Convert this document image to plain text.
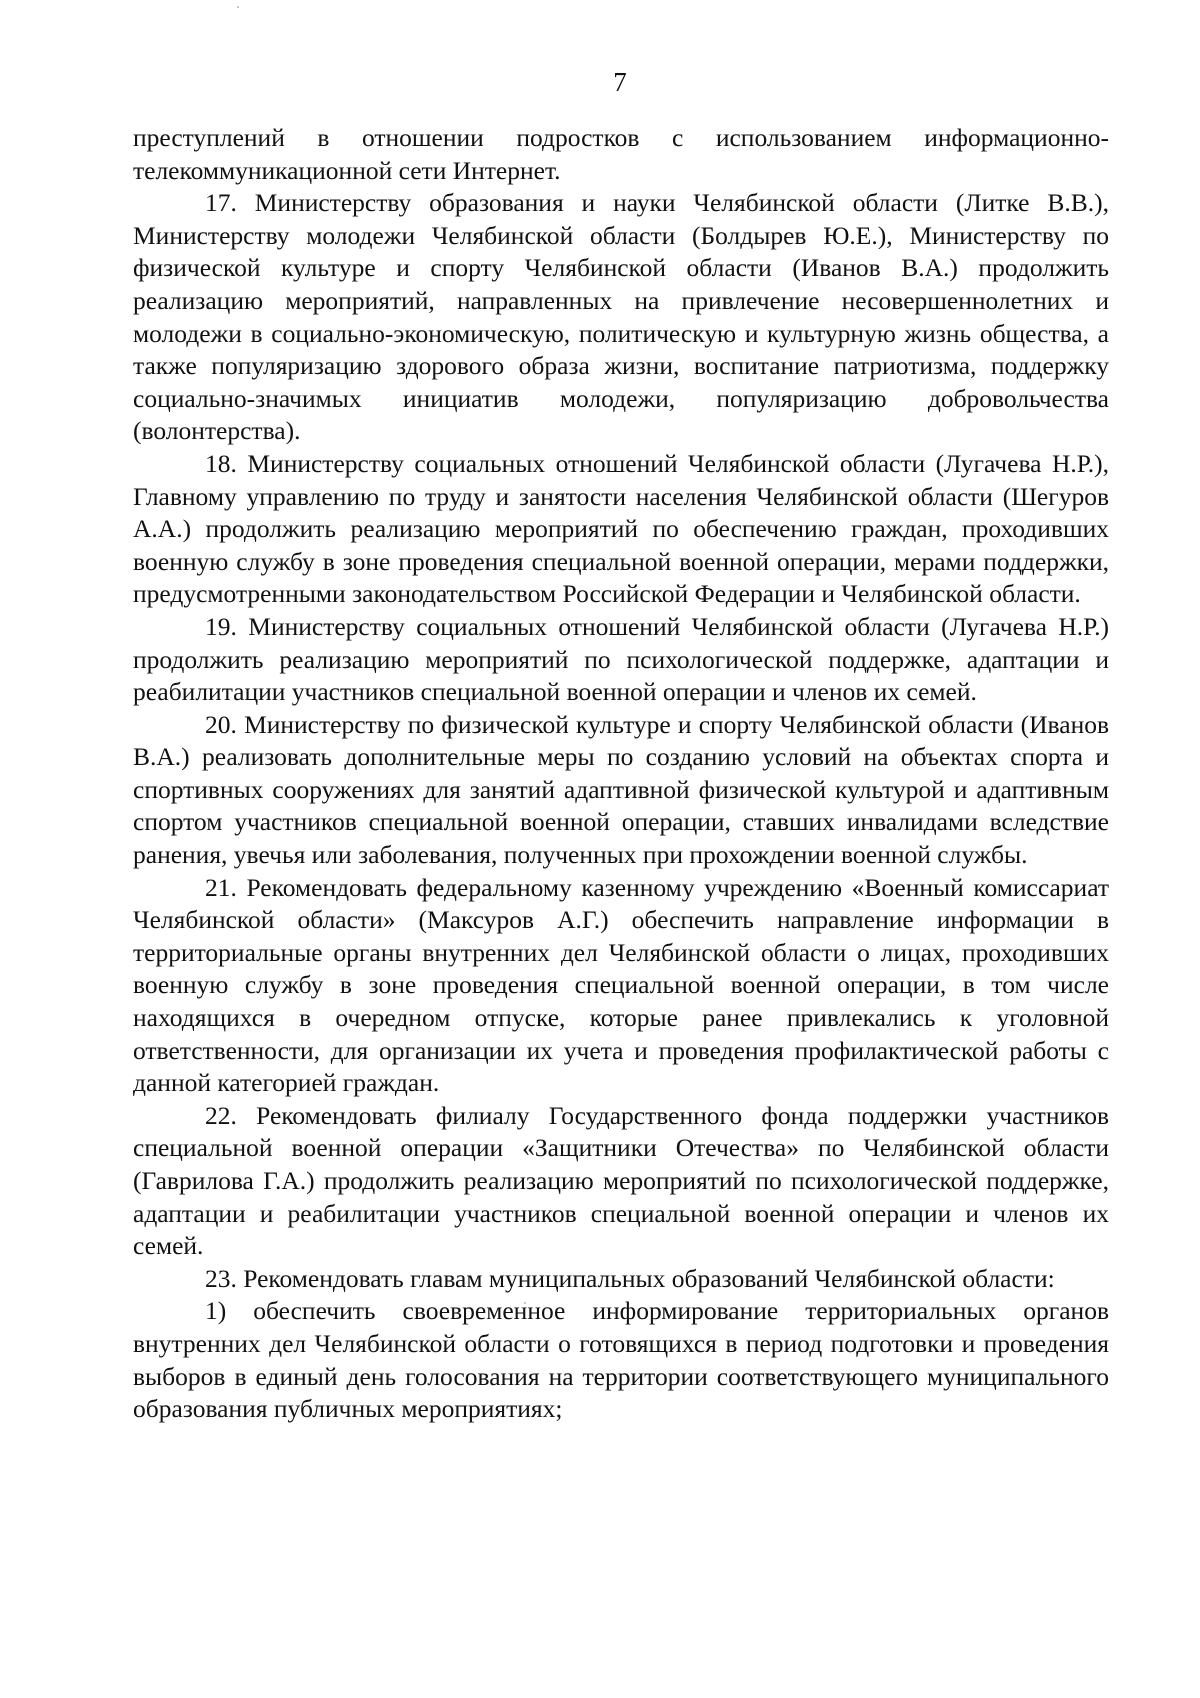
7

преступлений в отношении подростков с использованием информационно-телекоммуникационной сети Интернет.

17. Министерству образования и науки Челябинской области (Литке В.В.), Министерству молодежи Челябинской области (Болдырев Ю.Е.), Министерству по физической культуре и спорту Челябинской области (Иванов В.А.) продолжить реализацию мероприятий, направленных на привлечение несовершеннолетних и молодежи в социально-экономическую, политическую и культурную жизнь общества, а также популяризацию здорового образа жизни, воспитание патриотизма, поддержку социально-значимых инициатив молодежи, популяризацию добровольчества (волонтерства).

18. Министерству социальных отношений Челябинской области (Лугачева Н.Р.), Главному управлению по труду и занятости населения Челябинской области (Шегуров А.А.) продолжить реализацию мероприятий по обеспечению граждан, проходивших военную службу в зоне проведения специальной военной операции, мерами поддержки, предусмотренными законодательством Российской Федерации и Челябинской области.

19. Министерству социальных отношений Челябинской области (Лугачева Н.Р.) продолжить реализацию мероприятий по психологической поддержке, адаптации и реабилитации участников специальной военной операции и членов их семей.

20. Министерству по физической культуре и спорту Челябинской области (Иванов В.А.) реализовать дополнительные меры по созданию условий на объектах спорта и спортивных сооружениях для занятий адаптивной физической культурой и адаптивным спортом участников специальной военной операции, ставших инвалидами вследствие ранения, увечья или заболевания, полученных при прохождении военной службы.

21. Рекомендовать федеральному казенному учреждению «Военный комиссариат Челябинской области» (Максуров А.Г.) обеспечить направление информации в территориальные органы внутренних дел Челябинской области о лицах, проходивших военную службу в зоне проведения специальной военной операции, в том числе находящихся в очередном отпуске, которые ранее привлекались к уголовной ответственности, для организации их учета и проведения профилактической работы с данной категорией граждан.

22. Рекомендовать филиалу Государственного фонда поддержки участников специальной военной операции «Защитники Отечества» по Челябинской области (Гаврилова Г.А.) продолжить реализацию мероприятий по психологической поддержке, адаптации и реабилитации участников специальной военной операции и членов их семей.

23. Рекомендовать главам муниципальных образований Челябинской области:

1) обеспечить своевременное информирование территориальных органов внутренних дел Челябинской области о готовящихся в период подготовки и проведения выборов в единый день голосования на территории соответствующего муниципального образования публичных мероприятиях;
